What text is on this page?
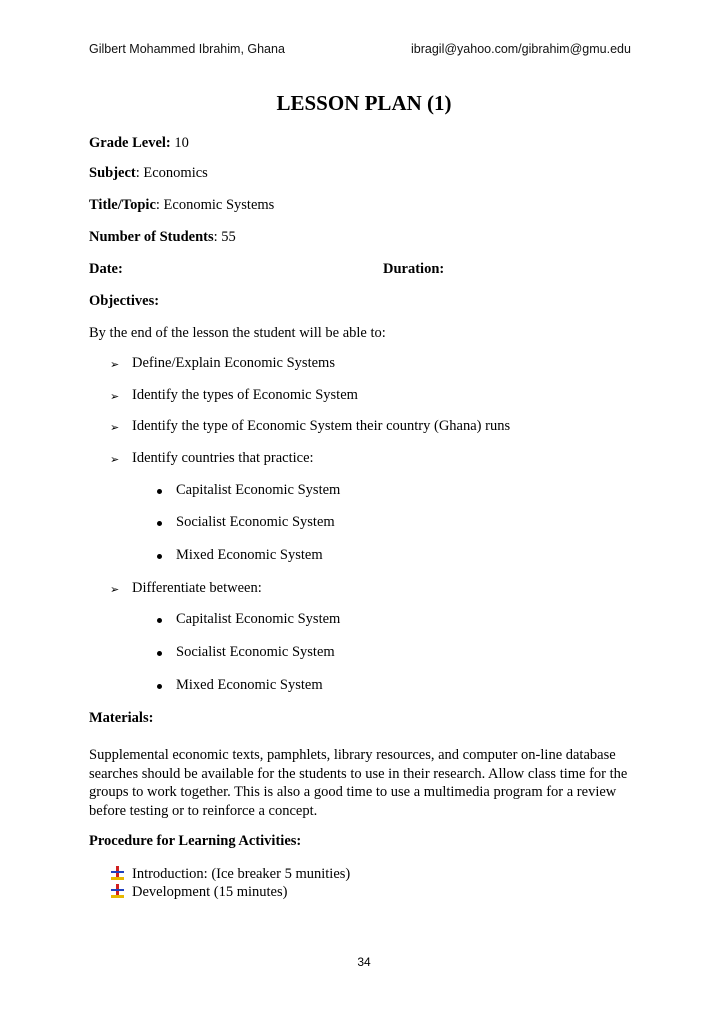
Gilbert Mohammed Ibrahim, Ghana	ibragil@yahoo.com/gibrahim@gmu.edu
LESSON PLAN (1)
Grade Level: 10
Subject: Economics
Title/Topic: Economic Systems
Number of Students: 55
Date:	Duration:
Objectives:
By the end of the lesson the student will be able to:
➢ Define/Explain Economic Systems
➢ Identify the types of Economic System
➢ Identify the type of Economic System their country (Ghana) runs
➢ Identify countries that practice:
Capitalist Economic System
Socialist Economic System
Mixed Economic System
➢ Differentiate between:
Capitalist Economic System
Socialist Economic System
Mixed Economic System
Materials:
Supplemental economic texts, pamphlets, library resources, and computer on-line database
searches should be available for the students to use in their research. Allow class time for the
groups to work together. This is also a good time to use a multimedia program for a review
before testing or to reinforce a concept.
Procedure for Learning Activities:
Introduction: (Ice breaker 5 munities)
Development (15 minutes)
34
